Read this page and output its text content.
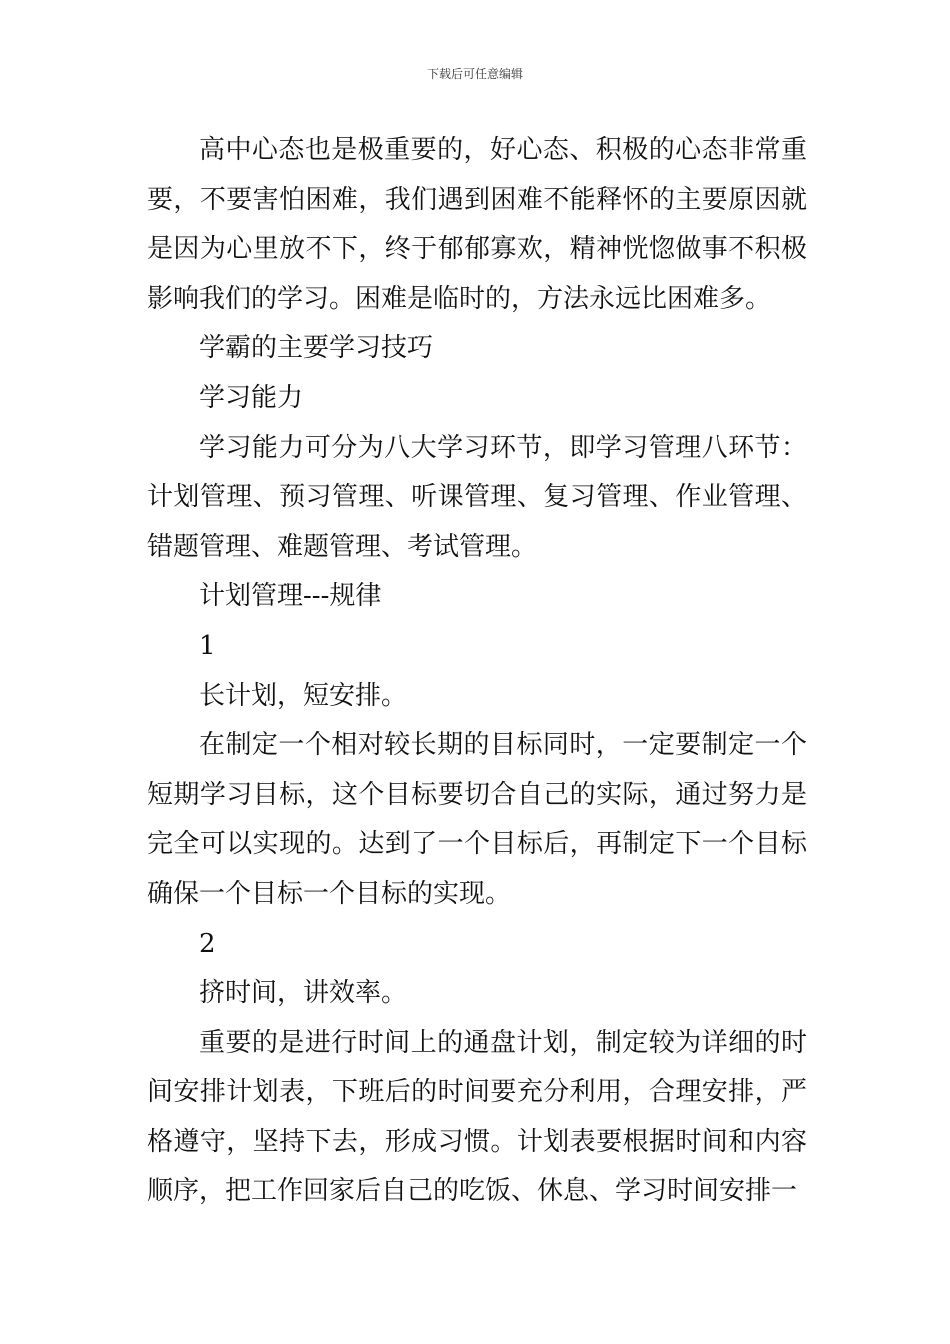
下载后可任意编辑

高中心态也是极重要的，好心态、积极的心态非常重要，不要害怕困难，我们遇到困难不能释怀的主要原因就是因为心里放不下，终于郁郁寡欢，精神恍惚做事不积极影响我们的学习。困难是临时的，方法永远比困难多。

学霸的主要学习技巧

学习能力

学习能力可分为八大学习环节，即学习管理八环节：计划管理、预习管理、听课管理、复习管理、作业管理、错题管理、难题管理、考试管理。

计划管理---规律

1

长计划，短安排。

在制定一个相对较长期的目标同时，一定要制定一个短期学习目标，这个目标要切合自己的实际，通过努力是完全可以实现的。达到了一个目标后，再制定下一个目标确保一个目标一个目标的实现。

2

挤时间，讲效率。

重要的是进行时间上的通盘计划，制定较为详细的时间安排计划表，下班后的时间要充分利用，合理安排，严格遵守，坚持下去，形成习惯。计划表要根据时间和内容顺序，把工作回家后自己的吃饭、休息、学习时间安排一
